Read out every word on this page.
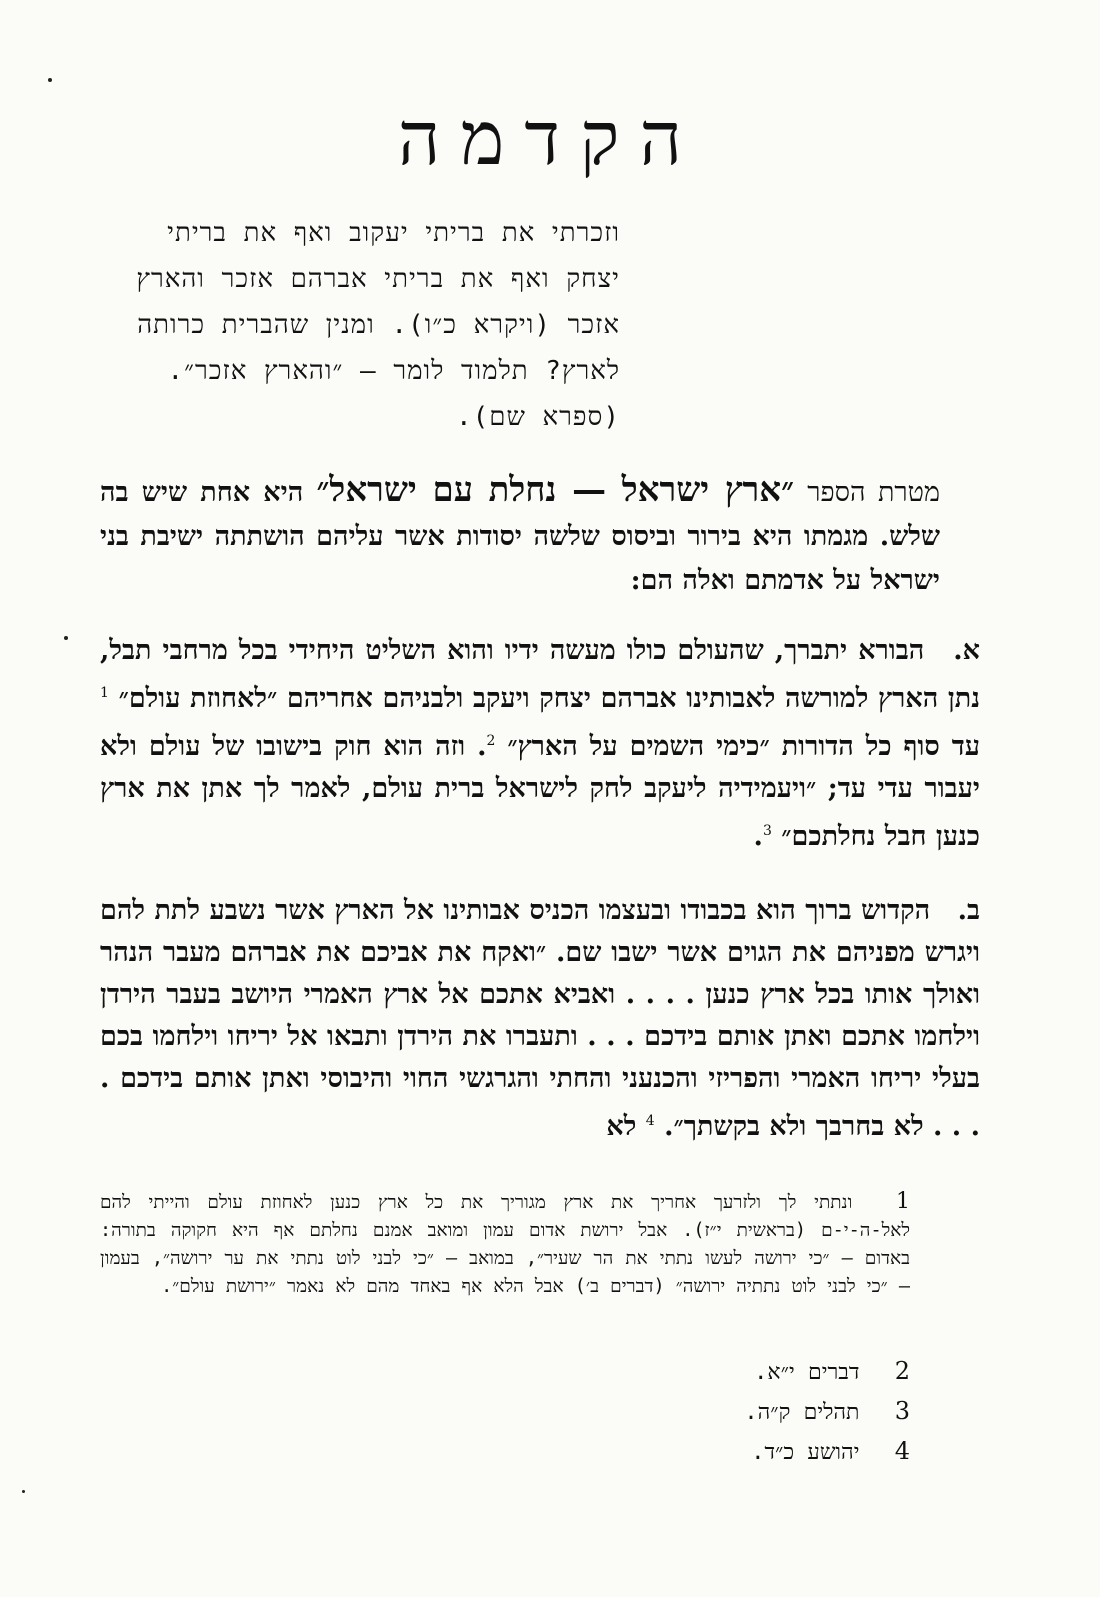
הקדמה
וזכרתי את בריתי יעקוב ואף את בריתי
יצחק ואף את בריתי אברהם אזכר והארץ
אזכר (ויקרא כ״ו). ומנין שהברית כרותה
לארץ? תלמוד לומר — ״והארץ אזכר״.
(ספרא שם).
מטרת הספר ״ארץ ישראל — נחלת עם ישראל״ היא אחת שיש בה שלש. מגמתו היא בירור וביסוס שלשה יסודות אשר עליהם הושתתה ישיבת בני ישראל על אדמתם ואלה הם:
א. הבורא יתברך, שהעולם כולו מעשה ידיו והוא השליט היחידי בכל מרחבי תבל, נתן הארץ למורשה לאבותינו אברהם יצחק ויעקב ולבניהם אחריהם ״לאחוזת עולם״ $^1$ עד סוף כל הדורות ״כימי השמים על הארץ״ $^2$. וזה הוא חוק בישובו של עולם ולא יעבור עדי עד; ״ויעמידיה ליעקב לחק לישראל ברית עולם, לאמר לך אתן את ארץ כנען חבל נחלתכם״ $^3$.
ב. הקדוש ברוך הוא בכבודו ובעצמו הכניס אבותינו אל הארץ אשר נשבע לתת להם ויגרש מפניהם את הגוים אשר ישבו שם. ״ואקח את אביכם את אברהם מעבר הנהר ואולך אותו בכל ארץ כנען . . . . ואביא אתכם אל ארץ האמרי היושב בעבר הירדן וילחמו אתכם ואתן אותם בידכם . . . ותעברו את הירדן ותבאו אל יריחו וילחמו בכם בעלי יריחו האמרי והפריזי והכנעני והחתי והגרגשי החוי והיבוסי ואתן אותם בידכם . . . . לא בחרבך ולא בקשתך״. $^4$ לא
1 ונתתי לך ולזרעך אחריך את ארץ מגוריך את כל ארץ כנען לאחוזת עולם והייתי להם לאל-ה-י-ם (בראשית י״ז). אבל ירושת אדום עמון ומואב אמנם נחלתם אף היא חקוקה בתורה: באדום — ״כי ירושה לעשו נתתי את הר שעיר״, במואב — ״כי לבני לוט נתתי את ער ירושה״, בעמון — ״כי לבני לוט נתתיה ירושה״ (דברים ב׳) אבל הלא אף באחד מהם לא נאמר ״ירושת עולם״.
2 דברים י״א.
3 תהלים ק״ה.
4 יהושע כ״ד.
